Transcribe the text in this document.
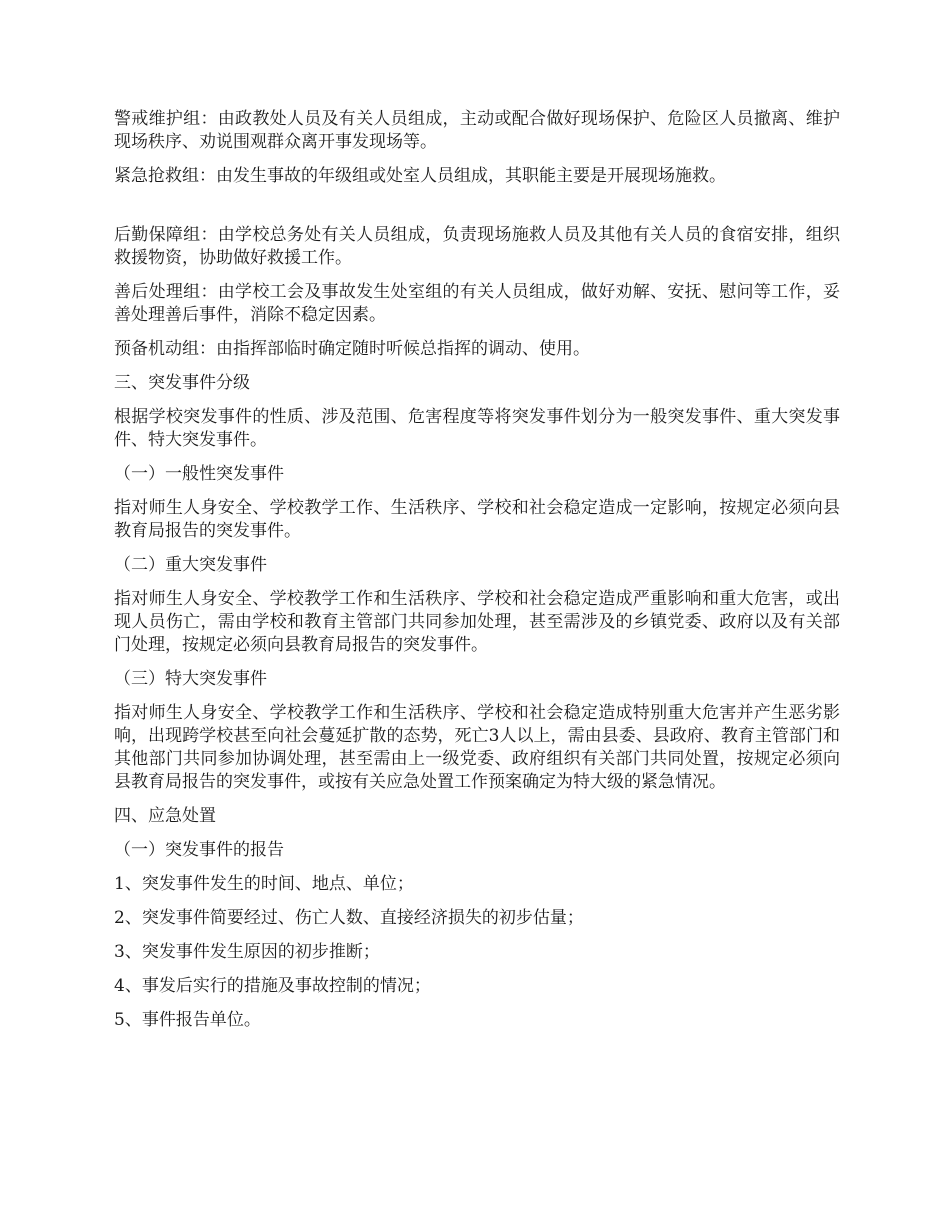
警戒维护组：由政教处人员及有关人员组成，主动或配合做好现场保护、危险区人员撤离、维护现场秩序、劝说围观群众离开事发现场等。

紧急抢救组：由发生事故的年级组或处室人员组成，其职能主要是开展现场施救。

后勤保障组：由学校总务处有关人员组成，负责现场施救人员及其他有关人员的食宿安排，组织救援物资，协助做好救援工作。

善后处理组：由学校工会及事故发生处室组的有关人员组成，做好劝解、安抚、慰问等工作，妥善处理善后事件，消除不稳定因素。

预备机动组：由指挥部临时确定随时听候总指挥的调动、使用。

三、突发事件分级

根据学校突发事件的性质、涉及范围、危害程度等将突发事件划分为一般突发事件、重大突发事件、特大突发事件。

（一）一般性突发事件

指对师生人身安全、学校教学工作、生活秩序、学校和社会稳定造成一定影响，按规定必须向县教育局报告的突发事件。

（二）重大突发事件

指对师生人身安全、学校教学工作和生活秩序、学校和社会稳定造成严重影响和重大危害，或出现人员伤亡，需由学校和教育主管部门共同参加处理，甚至需涉及的乡镇党委、政府以及有关部门处理，按规定必须向县教育局报告的突发事件。

（三）特大突发事件

指对师生人身安全、学校教学工作和生活秩序、学校和社会稳定造成特别重大危害并产生恶劣影响，出现跨学校甚至向社会蔓延扩散的态势，死亡3人以上，需由县委、县政府、教育主管部门和其他部门共同参加协调处理，甚至需由上一级党委、政府组织有关部门共同处置，按规定必须向县教育局报告的突发事件，或按有关应急处置工作预案确定为特大级的紧急情况。

四、应急处置

（一）突发事件的报告

1、突发事件发生的时间、地点、单位；

2、突发事件简要经过、伤亡人数、直接经济损失的初步估量；

3、突发事件发生原因的初步推断；

4、事发后实行的措施及事故控制的情况；

5、事件报告单位。
